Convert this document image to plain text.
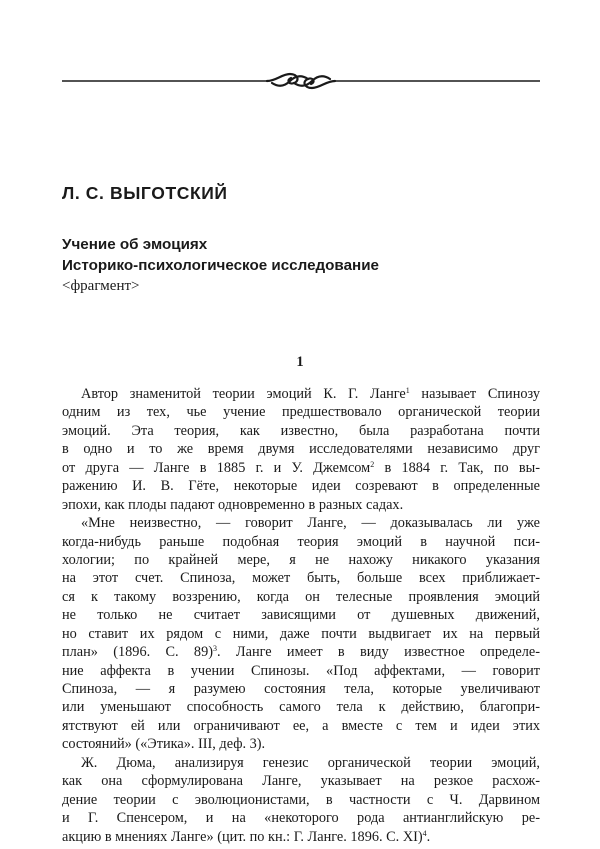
Л. С. ВЫГОТСКИЙ
Учение об эмоциях
Историко-психологическое исследование
<фрагмент>
1
Автор знаменитой теории эмоций К. Г. Ланге$^1$ называет Спинозу
одним из тех, чье учение предшествовало органической теории
эмоций. Эта теория, как известно, была разработана почти
в одно и то же время двумя исследователями независимо друг
от друга — Ланге в 1885 г. и У. Джемсом$^2$ в 1884 г. Так, по вы-
ражению И. В. Гёте, некоторые идеи созревают в определенные
эпохи, как плоды падают одновременно в разных садах.
«Мне неизвестно, — говорит Ланге, — доказывалась ли уже
когда-нибудь раньше подобная теория эмоций в научной пси-
хологии; по крайней мере, я не нахожу никакого указания
на этот счет. Спиноза, может быть, больше всех приближает-
ся к такому воззрению, когда он телесные проявления эмоций
не только не считает зависящими от душевных движений,
но ставит их рядом с ними, даже почти выдвигает их на первый
план» (1896. С. 89)$^3$. Ланге имеет в виду известное определе-
ние аффекта в учении Спинозы. «Под аффектами, — говорит
Спиноза, — я разумею состояния тела, которые увеличивают
или уменьшают способность самого тела к действию, благопри-
ятствуют ей или ограничивают ее, а вместе с тем и идеи этих
состояний» («Этика». III, деф. 3).
Ж. Дюма, анализируя генезис органической теории эмоций,
как она сформулирована Ланге, указывает на резкое расхож-
дение теории с эволюционистами, в частности с Ч. Дарвином
и Г. Спенсером, и на «некоторого рода антианглийскую ре-
акцию в мнениях Ланге» (цит. по кн.: Г. Ланге. 1896. С. XI)$^4$.
